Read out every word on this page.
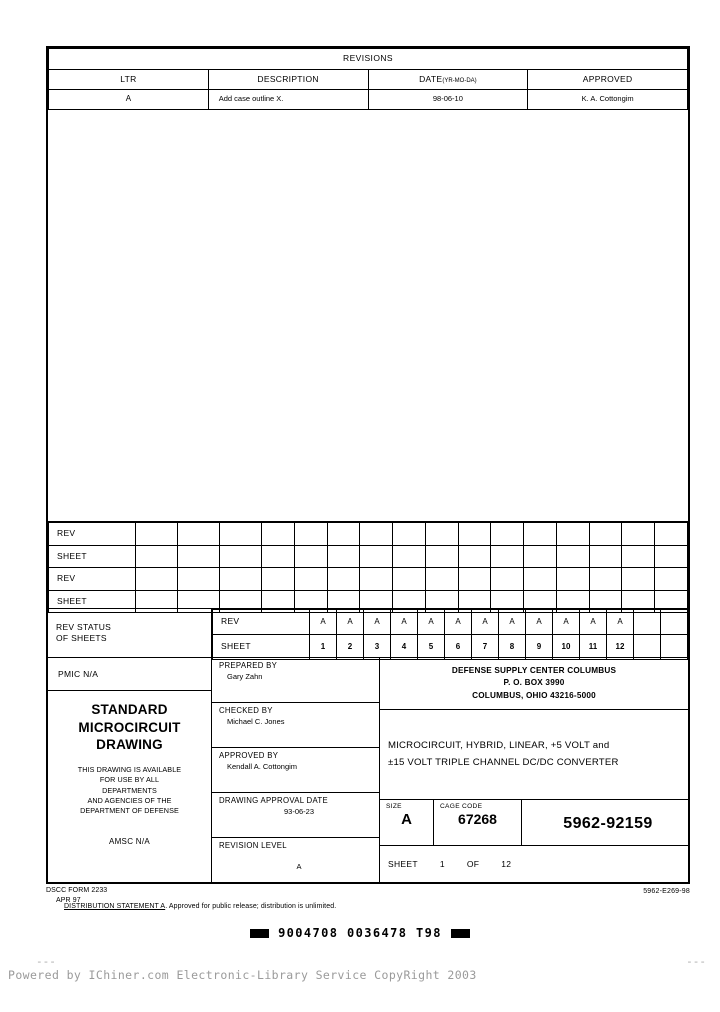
REVISIONS			
LTR	DESCRIPTION	DATE(YR-MO-DA)	APPROVED
A	Add case outline X.	98-06-10	K. A. Cottongim
REV																
SHEET																
REV																
SHEET																
REV STATUS
OF SHEETS
REV	A	A	A	A	A	A	A	A	A	A	A	A		
SHEET	1	2	3	4	5	6	7	8	9	10	11	12		
PMIC N/A
STANDARD
MICROCIRCUIT
DRAWING
THIS DRAWING IS AVAILABLE
FOR USE BY ALL
DEPARTMENTS
AND AGENCIES OF THE
DEPARTMENT OF DEFENSE
AMSC N/A
PREPARED BY
Gary Zahn
CHECKED BY
Michael C. Jones
APPROVED BY
Kendall A. Cottongim
DRAWING APPROVAL DATE
93-06-23
REVISION LEVEL
A
DEFENSE SUPPLY CENTER COLUMBUS
P. O. BOX 3990
COLUMBUS, OHIO 43216-5000
MICROCIRCUIT, HYBRID, LINEAR, +5 VOLT and
±15 VOLT TRIPLE CHANNEL DC/DC CONVERTER
SIZE
A
CAGE CODE
67268	5962-92159
SHEET	1	OF	12
DSCC FORM 2233
APR 97
DISTRIBUTION STATEMENT A. Approved for public release; distribution is unlimited.
5962-E269-98
9004708 0036478 T98
---	---
Powered by IChiner.com Electronic-Library Service CopyRight 2003
